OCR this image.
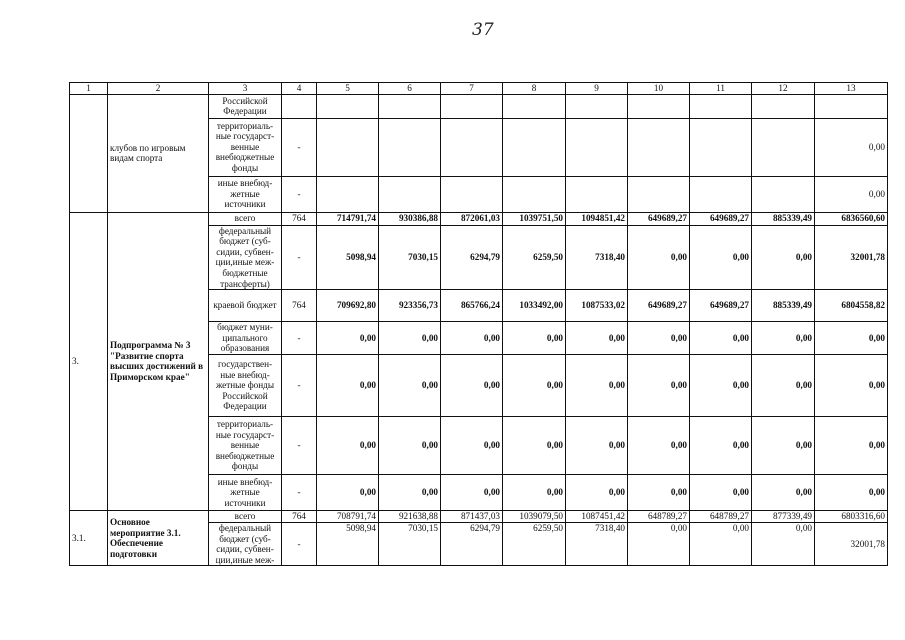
37
1	2	3	4	5	6	7	8	9	10	11	12	13
	клубов по игровым видам спорта	Российской Федерации										
		территориаль-ные государст-венные внебюджетные фонды	-									0,00
		иные внебюд-жетные источники	-									0,00
3.	Подпрограмма № 3 "Развитие спорта высших достижений в Приморском крае"	всего	764	714791,74	930386,88	872061,03	1039751,50	1094851,42	649689,27	649689,27	885339,49	6836560,60
		федеральный бюджет (суб-сидии, субвен-ции,иные меж-бюджетные трансферты)	-	5098,94	7030,15	6294,79	6259,50	7318,40	0,00	0,00	0,00	32001,78
		краевой бюджет	764	709692,80	923356,73	865766,24	1033492,00	1087533,02	649689,27	649689,27	885339,49	6804558,82
		бюджет муни-ципального образования	-	0,00	0,00	0,00	0,00	0,00	0,00	0,00	0,00	0,00
		государствен-ные внебюд-жетные фонды Российской Федерации	-	0,00	0,00	0,00	0,00	0,00	0,00	0,00	0,00	0,00
		территориаль-ные государст-венные внебюджетные фонды	-	0,00	0,00	0,00	0,00	0,00	0,00	0,00	0,00	0,00
		иные внебюд-жетные источники	-	0,00	0,00	0,00	0,00	0,00	0,00	0,00	0,00	0,00
3.1.	Основное мероприятие 3.1. Обеспечение подготовки	всего	764	708791,74	921638,88	871437,03	1039079,50	1087451,42	648789,27	648789,27	877339,49	6803316,60
		федеральный бюджет (суб-сидии, субвен-ции,иные меж-	-	5098,94	7030,15	6294,79	6259,50	7318,40	0,00	0,00	0,00	32001,78
